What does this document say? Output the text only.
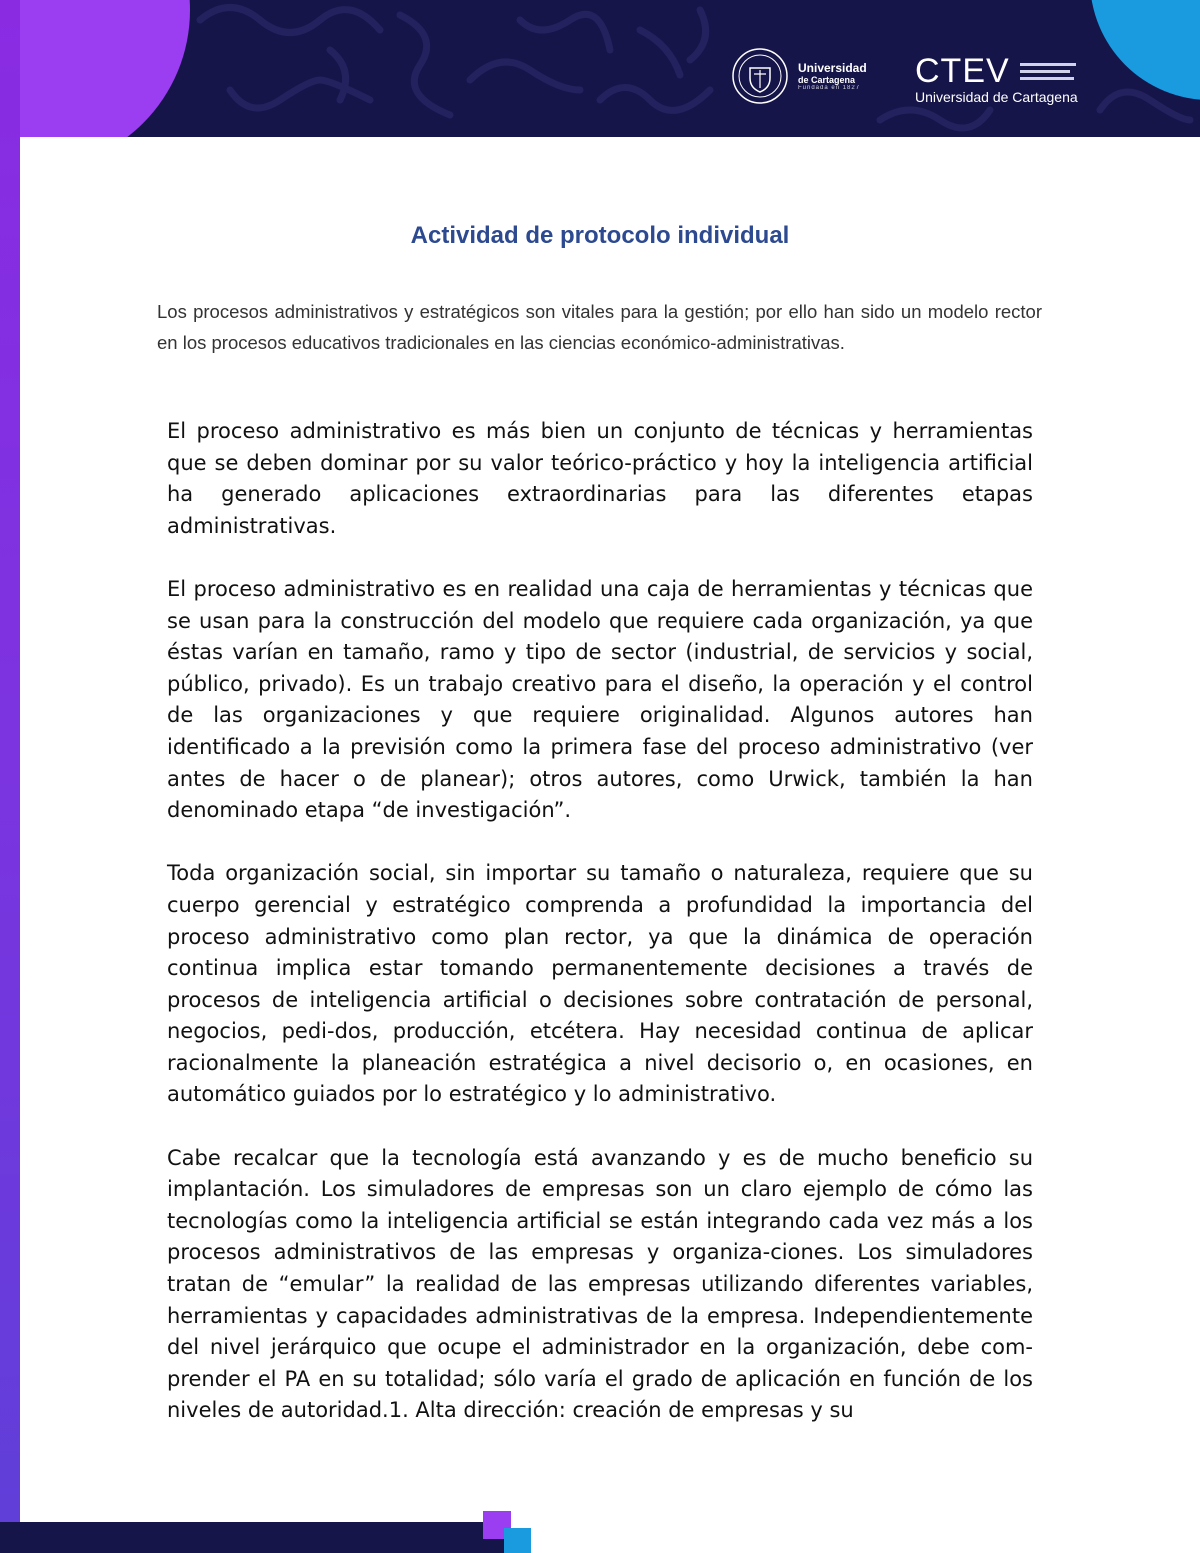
Universidad
de Cartagena
Fundada en 1827 CTEV
Universidad de Cartagena
Actividad de protocolo individual
Los procesos administrativos y estratégicos son vitales para la gestión; por ello han sido un modelo rector en los procesos educativos tradicionales en las ciencias económico-administrativas.

El proceso administrativo es más bien un conjunto de técnicas y herramientas que se deben dominar por su valor teórico-práctico y hoy la inteligencia artificial ha generado aplicaciones extraordinarias para las diferentes etapas administrativas.

El proceso administrativo es en realidad una caja de herramientas y técnicas que se usan para la construcción del modelo que requiere cada organización, ya que éstas varían en tamaño, ramo y tipo de sector (industrial, de servicios y social, público, privado). Es un trabajo creativo para el diseño, la operación y el control de las organizaciones y que requiere originalidad. Algunos autores han identificado a la previsión como la primera fase del proceso administrativo (ver antes de hacer o de planear); otros autores, como Urwick, también la han denominado etapa “de investigación”.

Toda organización social, sin importar su tamaño o naturaleza, requiere que su cuerpo gerencial y estratégico comprenda a profundidad la importancia del proceso administrativo como plan rector, ya que la dinámica de operación continua implica estar tomando permanentemente decisiones a través de procesos de inteligencia artificial o decisiones sobre contratación de personal, negocios, pedi-dos, producción, etcétera. Hay necesidad continua de aplicar racionalmente la planeación estratégica a nivel decisorio o, en ocasiones, en automático guiados por lo estratégico y lo administrativo.

Cabe recalcar que la tecnología está avanzando y es de mucho beneficio su implantación. Los simuladores de empresas son un claro ejemplo de cómo las tecnologías como la inteligencia artificial se están integrando cada vez más a los procesos administrativos de las empresas y organiza-ciones. Los simuladores tratan de “emular” la realidad de las empresas utilizando diferentes variables, herramientas y capacidades administrativas de la empresa. Independientemente del nivel jerárquico que ocupe el administrador en la organización, debe com-prender el PA en su totalidad; sólo varía el grado de aplicación en función de los niveles de autoridad.1. Alta dirección: creación de empresas y su
